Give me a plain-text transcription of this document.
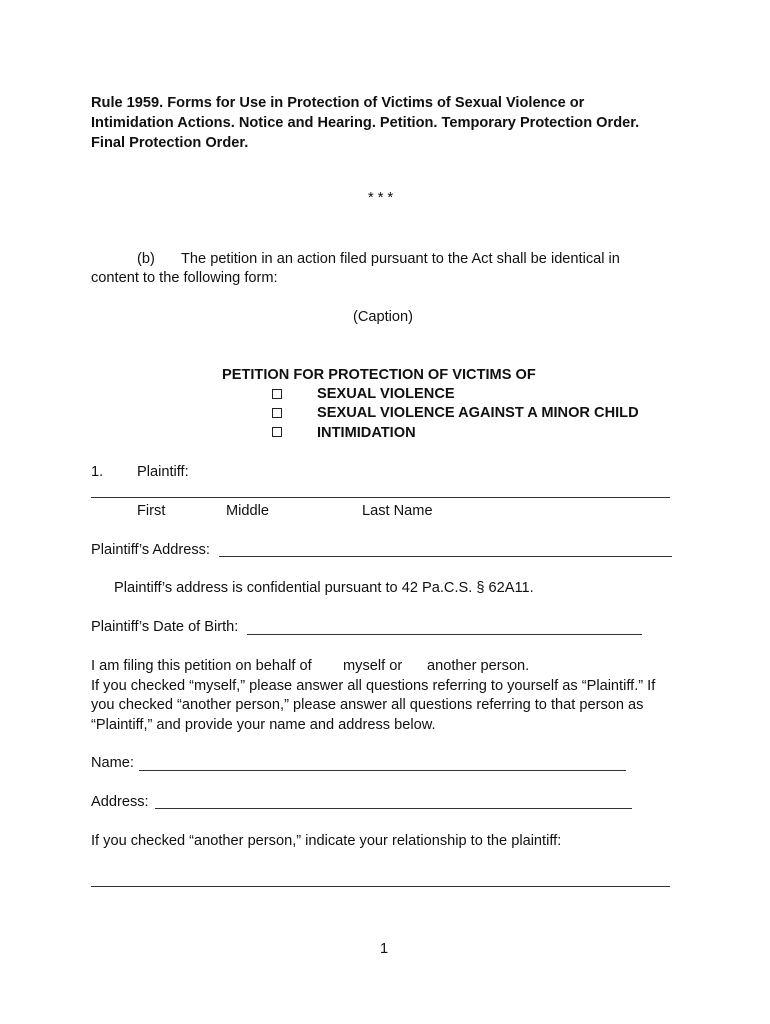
Rule 1959. Forms for Use in Protection of Victims of Sexual Violence or
Intimidation Actions. Notice and Hearing. Petition. Temporary Protection Order.
Final Protection Order.
* * *
(b) The petition in an action filed pursuant to the Act shall be identical in
content to the following form:
(Caption)
PETITION FOR PROTECTION OF VICTIMS OF
SEXUAL VIOLENCE
SEXUAL VIOLENCE AGAINST A MINOR CHILD
INTIMIDATION
1. Plaintiff:
First	Middle	Last Name
Plaintiff’s Address:
Plaintiff’s address is confidential pursuant to 42 Pa.C.S. § 62A11.
Plaintiff’s Date of Birth:
I am filing this petition on behalf of myself or another person.
If you checked “myself,” please answer all questions referring to yourself as “Plaintiff.” If
you checked “another person,” please answer all questions referring to that person as
“Plaintiff,” and provide your name and address below.
Name:
Address:
If you checked “another person,” indicate your relationship to the plaintiff:
1
